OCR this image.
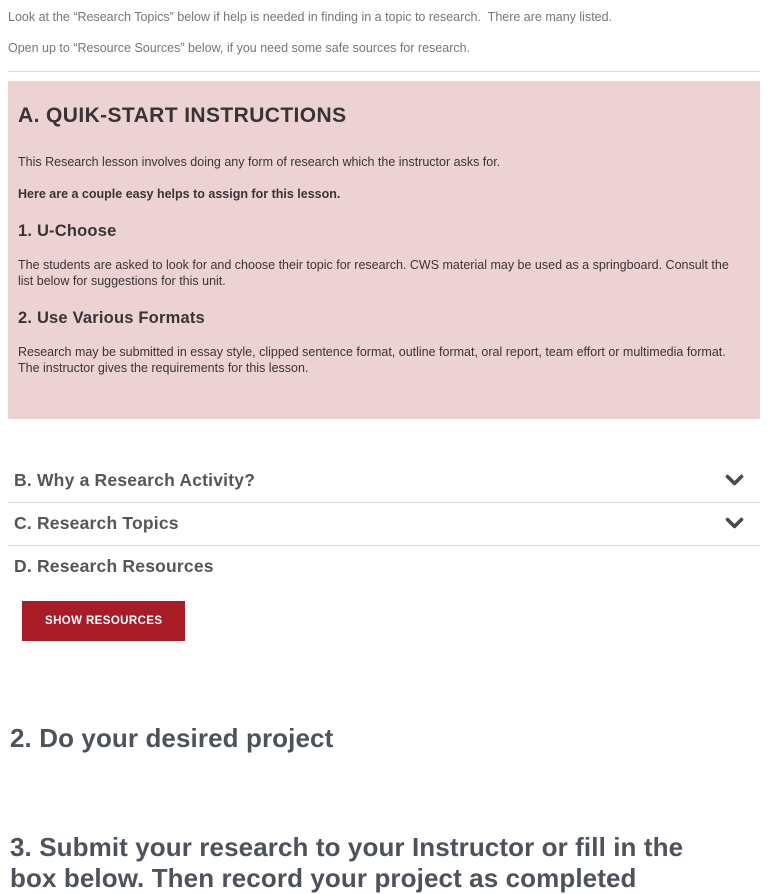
Look at the “Research Topics” below if help is needed in finding in a topic to research.  There are many listed.

Open up to “Resource Sources” below, if you need some safe sources for research.

A. QUIK-START INSTRUCTIONS

This Research lesson involves doing any form of research which the instructor asks for.

Here are a couple easy helps to assign for this lesson.

1. U-Choose

The students are asked to look for and choose their topic for research. CWS material may be used as a springboard. Consult the list below for suggestions for this unit.

2. Use Various Formats

Research may be submitted in essay style, clipped sentence format, outline format, oral report, team effort or multimedia format. The instructor gives the requirements for this lesson.

B. Why a Research Activity?
C. Research Topics
D. Research Resources
SHOW RESOURCES
2. Do your desired project
3. Submit your research to your Instructor or fill in the box below. Then record your project as completed
